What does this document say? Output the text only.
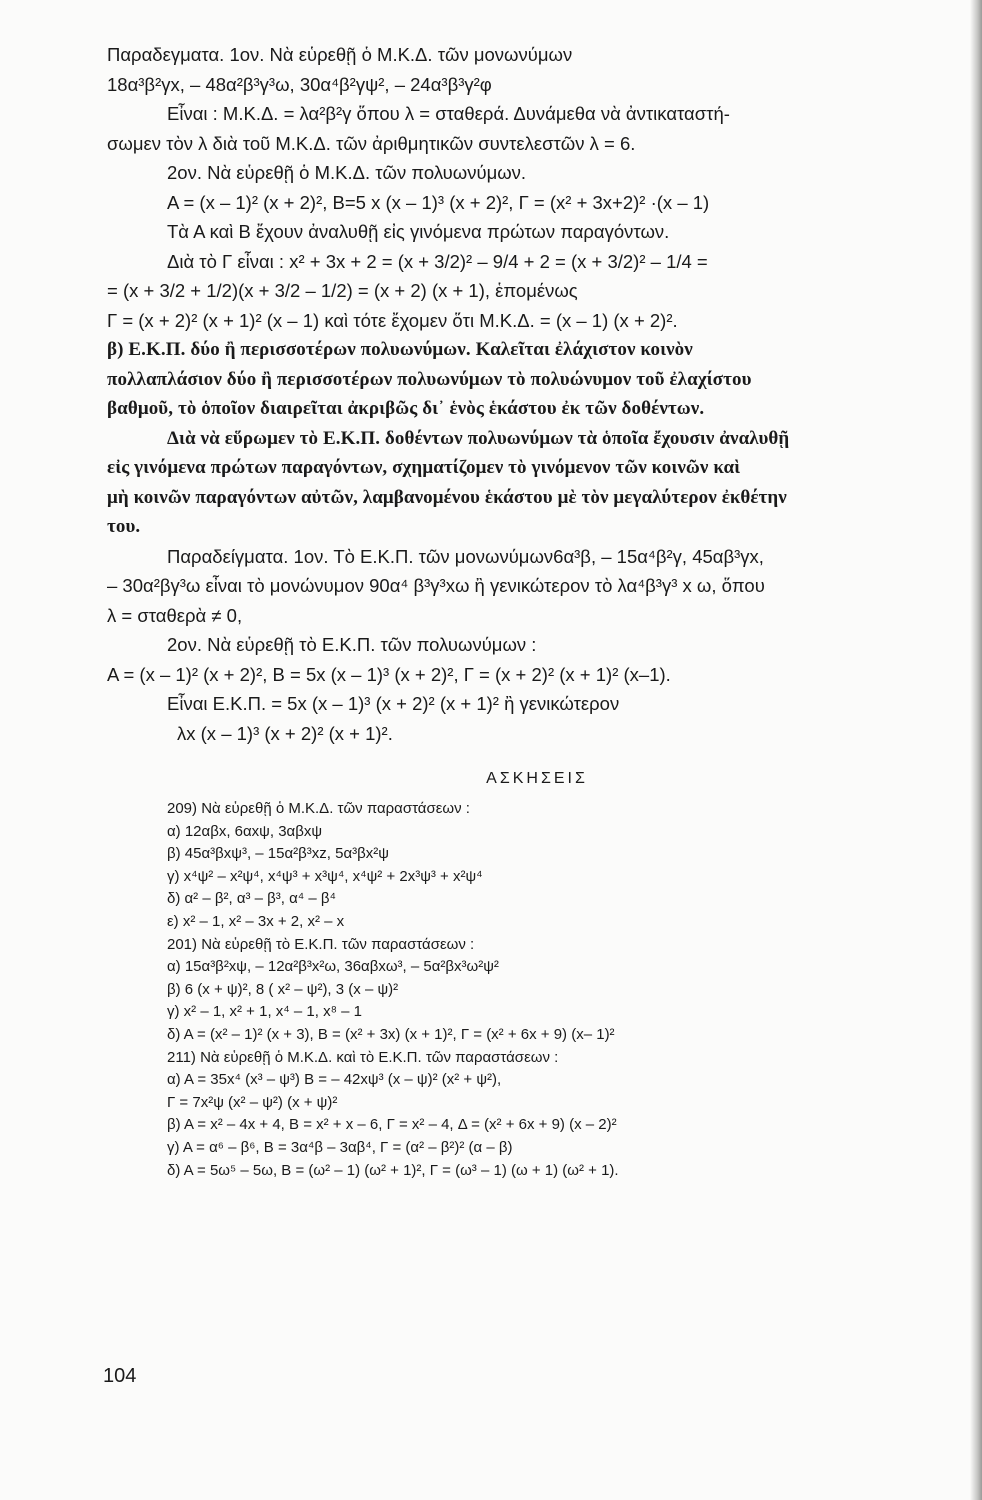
Παραδεγματα. 1ον. Νὰ εὑρεθῇ ὁ Μ.Κ.Δ. τῶν μονωνύμων
18α³β²γx, – 48α²β³γ³ω, 30α⁴β²γψ², – 24α³β³γ²φ
Εἶναι : Μ.Κ.Δ. = λα²β²γ ὅπου λ = σταθερά. Δυνάμεθα νὰ ἀντικαταστή-
σωμεν τὸν λ διὰ τοῦ Μ.Κ.Δ. τῶν ἀριθμητικῶν συντελεστῶν λ = 6.
2ον. Νὰ εὑρεθῇ ὁ Μ.Κ.Δ. τῶν πολυωνύμων.
Α = (x – 1)² (x + 2)², Β=5 x (x – 1)³ (x + 2)², Γ = (x² + 3x+2)² ·(x – 1)
Τὰ Α καὶ Β ἔχουν ἀναλυθῇ εἰς γινόμενα πρώτων παραγόντων.
Διὰ τὸ Γ εἶναι : x² + 3x + 2 = (x + 3/2)² – 9/4 + 2 = (x + 3/2)² – 1/4 =
= (x + 3/2 + 1/2)(x + 3/2 – 1/2) = (x + 2) (x + 1), ἑπομένως
Γ = (x + 2)² (x + 1)² (x – 1) καὶ τότε ἔχομεν ὅτι Μ.Κ.Δ. = (x – 1) (x + 2)².
β) Ε.Κ.Π. δύο ἢ περισσοτέρων πολυωνύμων. Καλεῖται ἐλάχιστον κοινὸν
πολλαπλάσιον δύο ἢ περισσοτέρων πολυωνύμων τὸ πολυώνυμον τοῦ ἐλαχίστου
βαθμοῦ, τὸ ὁποῖον διαιρεῖται ἀκριβῶς δι᾿ ἑνὸς ἑκάστου ἐκ τῶν δοθέντων.
Διὰ νὰ εὕρωμεν τὸ Ε.Κ.Π. δοθέντων πολυωνύμων τὰ ὁποῖα ἔχουσιν ἀναλυθῇ
εἰς γινόμενα πρώτων παραγόντων, σχηματίζομεν τὸ γινόμενον τῶν κοινῶν καὶ
μὴ κοινῶν παραγόντων αὐτῶν, λαμβανομένου ἑκάστου μὲ τὸν μεγαλύτερον ἐκθέτην
του.
Παραδείγματα. 1ον. Τὸ Ε.Κ.Π. τῶν μονωνύμων6α³β, – 15α⁴β²γ, 45αβ³γx,
– 30α²βγ³ω εἶναι τὸ μονώνυμον 90α⁴ β³γ³xω ἢ γενικώτερον τὸ λα⁴β³γ³ x ω, ὅπου
λ = σταθερὰ ≠ 0,
2ον. Νὰ εὑρεθῇ τὸ Ε.Κ.Π. τῶν πολυωνύμων :
Α = (x – 1)² (x + 2)², Β = 5x (x – 1)³ (x + 2)², Γ = (x + 2)² (x + 1)² (x–1).
Εἶναι Ε.Κ.Π. = 5x (x – 1)³ (x + 2)² (x + 1)² ἢ γενικώτερον
λx (x – 1)³ (x + 2)² (x + 1)².
ΑΣΚΗΣΕΙΣ
209) Νὰ εὑρεθῇ ὁ Μ.Κ.Δ. τῶν παραστάσεων :
α) 12αβx, 6αxψ, 3αβxψ
β) 45α³βxψ³, – 15α²β³xz, 5α³βx²ψ
γ) x⁴ψ² – x²ψ⁴, x⁴ψ³ + x³ψ⁴, x⁴ψ² + 2x³ψ³ + x²ψ⁴
δ) α² – β², α³ – β³, α⁴ – β⁴
ε) x² – 1, x² – 3x + 2, x² – x
201) Νὰ εὑρεθῇ τὸ Ε.Κ.Π. τῶν παραστάσεων :
α) 15α³β²xψ, – 12α²β³x²ω, 36αβxω³, – 5α²βx³ω²ψ²
β) 6 (x + ψ)², 8 ( x² – ψ²), 3 (x – ψ)²
γ) x² – 1, x² + 1, x⁴ – 1, x⁸ – 1
δ) Α = (x² – 1)² (x + 3), Β = (x² + 3x) (x + 1)², Γ = (x² + 6x + 9) (x– 1)²
211) Νὰ εὑρεθῇ ὁ Μ.Κ.Δ. καὶ τὸ Ε.Κ.Π. τῶν παραστάσεων :
α) Α = 35x⁴ (x³ – ψ³) Β = – 42xψ³ (x – ψ)² (x² + ψ²),
Γ = 7x²ψ (x² – ψ²) (x + ψ)²
β) Α = x² – 4x + 4, Β = x² + x – 6, Γ = x² – 4, Δ = (x² + 6x + 9) (x – 2)²
γ) Α = α⁶ – β⁶, Β = 3α⁴β – 3αβ⁴, Γ = (α² – β²)² (α – β)
δ) Α = 5ω⁵ – 5ω, Β = (ω² – 1) (ω² + 1)², Γ = (ω³ – 1) (ω + 1) (ω² + 1).
104
